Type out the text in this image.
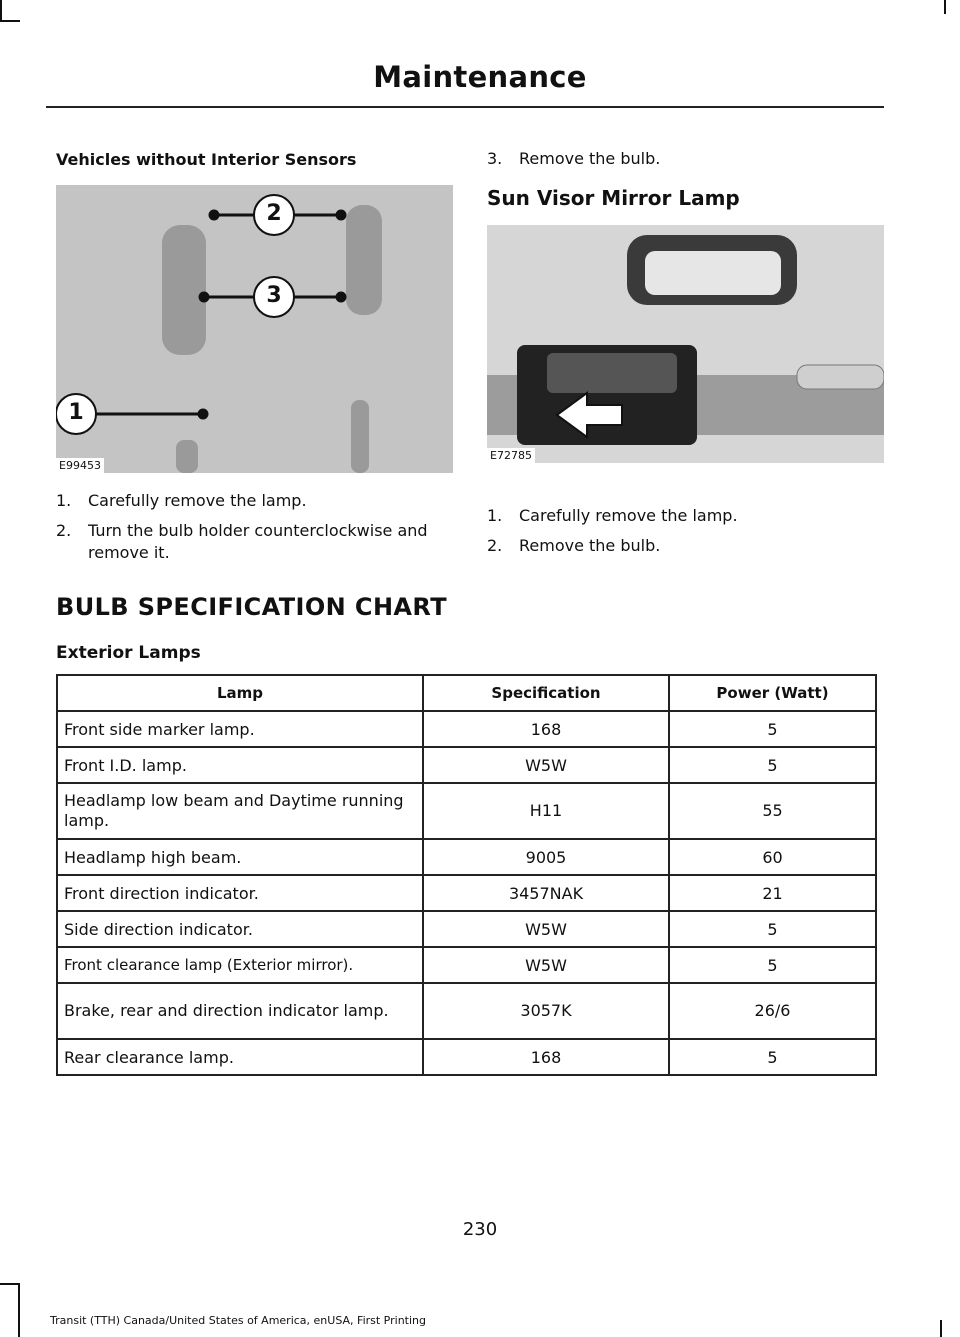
Maintenance

Vehicles without Interior Sensors

2
3
1
E99453
1.	Carefully remove the lamp.
2.	Turn the bulb holder counterclockwise and remove it.
3.	Remove the bulb.

Sun Visor Mirror Lamp

E72785
1.	Carefully remove the lamp.
2.	Remove the bulb.
BULB SPECIFICATION CHART
Exterior Lamps
Lamp	Specification	Power (Watt)
Front side marker lamp.	168	5
Front I.D. lamp.	W5W	5
Headlamp low beam and Daytime running lamp.	H11	55
Headlamp high beam.	9005	60
Front direction indicator.	3457NAK	21
Side direction indicator.	W5W	5
Front clearance lamp (Exterior mirror).	W5W	5
Brake, rear and direction indicator lamp.	3057K	26/6
Rear clearance lamp.	168	5
230
Transit (TTH) Canada/United States of America, enUSA, First Printing
